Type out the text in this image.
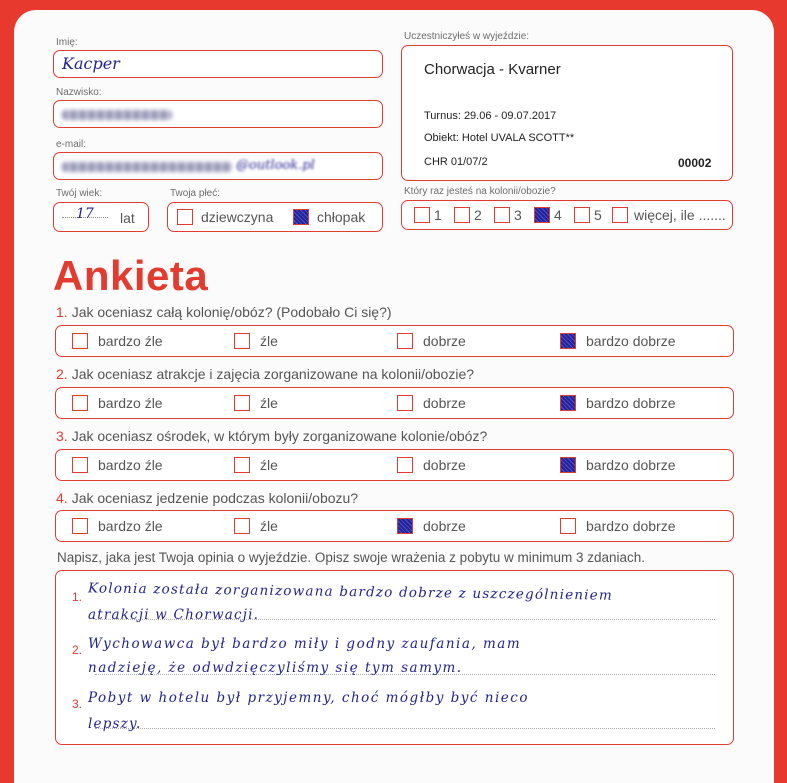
Imię:
Kacper
Nazwisko:
e-mail:
@outlook.pl
Twój wiek:
17 lat
Twoja płeć:
dziewczyna	chłopak
Uczestniczyłeś w wyjeździe:
Chorwacja - Kvarner
Turnus: 29.06 - 09.07.2017
Obiekt: Hotel UVALA SCOTT**
CHR 01/07/2	00002
Który raz jesteś na kolonii/obozie?
1 2 3 4 5 więcej, ile .......
Ankieta
1. Jak oceniasz całą kolonię/obóz? (Podobało Ci się?)
bardzo źle	źle	dobrze	bardzo dobrze
2. Jak oceniasz atrakcje i zajęcia zorganizowane na kolonii/obozie?
bardzo źle	źle	dobrze	bardzo dobrze
3. Jak oceniasz ośrodek, w którym były zorganizowane kolonie/obóz?
bardzo źle	źle	dobrze	bardzo dobrze
4. Jak oceniasz jedzenie podczas kolonii/obozu?
bardzo źle	źle	dobrze	bardzo dobrze
Napisz, jaka jest Twoja opinia o wyjeździe. Opisz swoje wrażenia z pobytu w minimum 3 zdaniach.
1.
2.
3.
Kolonia została zorganizowana bardzo dobrze z uszczególnieniem
atrakcji w Chorwacji.
Wychowawca był bardzo miły i godny zaufania, mam
nadzieję, że odwdzięczyliśmy się tym samym.
Pobyt w hotelu był przyjemny, choć mógłby być nieco
lepszy.
